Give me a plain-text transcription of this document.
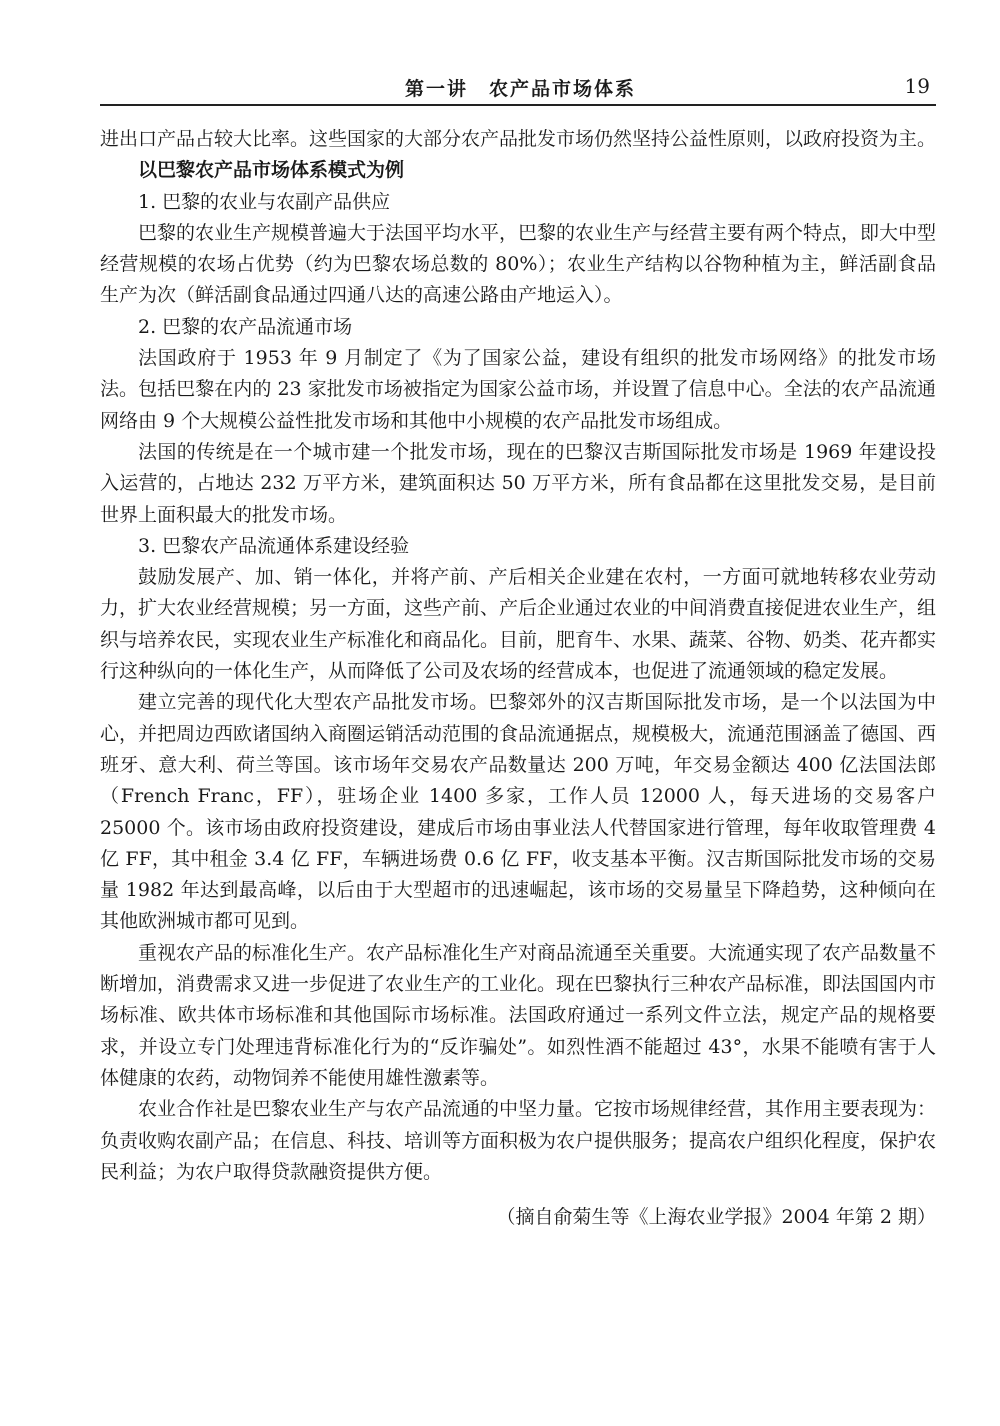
第一讲　农产品市场体系	19

进出口产品占较大比率。这些国家的大部分农产品批发市场仍然坚持公益性原则，以政府投资为主。

以巴黎农产品市场体系模式为例

1. 巴黎的农业与农副产品供应

巴黎的农业生产规模普遍大于法国平均水平，巴黎的农业生产与经营主要有两个特点，即大中型经营规模的农场占优势（约为巴黎农场总数的 80%）；农业生产结构以谷物种植为主，鲜活副食品生产为次（鲜活副食品通过四通八达的高速公路由产地运入）。

2. 巴黎的农产品流通市场

法国政府于 1953 年 9 月制定了《为了国家公益，建设有组织的批发市场网络》的批发市场法。包括巴黎在内的 23 家批发市场被指定为国家公益市场，并设置了信息中心。全法的农产品流通网络由 9 个大规模公益性批发市场和其他中小规模的农产品批发市场组成。

法国的传统是在一个城市建一个批发市场，现在的巴黎汉吉斯国际批发市场是 1969 年建设投入运营的，占地达 232 万平方米，建筑面积达 50 万平方米，所有食品都在这里批发交易，是目前世界上面积最大的批发市场。

3. 巴黎农产品流通体系建设经验

鼓励发展产、加、销一体化，并将产前、产后相关企业建在农村，一方面可就地转移农业劳动力，扩大农业经营规模；另一方面，这些产前、产后企业通过农业的中间消费直接促进农业生产，组织与培养农民，实现农业生产标准化和商品化。目前，肥育牛、水果、蔬菜、谷物、奶类、花卉都实行这种纵向的一体化生产，从而降低了公司及农场的经营成本，也促进了流通领域的稳定发展。

建立完善的现代化大型农产品批发市场。巴黎郊外的汉吉斯国际批发市场，是一个以法国为中心，并把周边西欧诸国纳入商圈运销活动范围的食品流通据点，规模极大，流通范围涵盖了德国、西班牙、意大利、荷兰等国。该市场年交易农产品数量达 200 万吨，年交易金额达 400 亿法国法郎（French Franc，FF），驻场企业 1400 多家，工作人员 12000 人，每天进场的交易客户 25000 个。该市场由政府投资建设，建成后市场由事业法人代替国家进行管理，每年收取管理费 4 亿 FF，其中租金 3.4 亿 FF，车辆进场费 0.6 亿 FF，收支基本平衡。汉吉斯国际批发市场的交易量 1982 年达到最高峰，以后由于大型超市的迅速崛起，该市场的交易量呈下降趋势，这种倾向在其他欧洲城市都可见到。

重视农产品的标准化生产。农产品标准化生产对商品流通至关重要。大流通实现了农产品数量不断增加，消费需求又进一步促进了农业生产的工业化。现在巴黎执行三种农产品标准，即法国国内市场标准、欧共体市场标准和其他国际市场标准。法国政府通过一系列文件立法，规定产品的规格要求，并设立专门处理违背标准化行为的“反诈骗处”。如烈性酒不能超过 43°，水果不能喷有害于人体健康的农药，动物饲养不能使用雄性激素等。

农业合作社是巴黎农业生产与农产品流通的中坚力量。它按市场规律经营，其作用主要表现为：负责收购农副产品；在信息、科技、培训等方面积极为农户提供服务；提高农户组织化程度，保护农民利益；为农户取得贷款融资提供方便。

（摘自俞菊生等《上海农业学报》2004 年第 2 期）
